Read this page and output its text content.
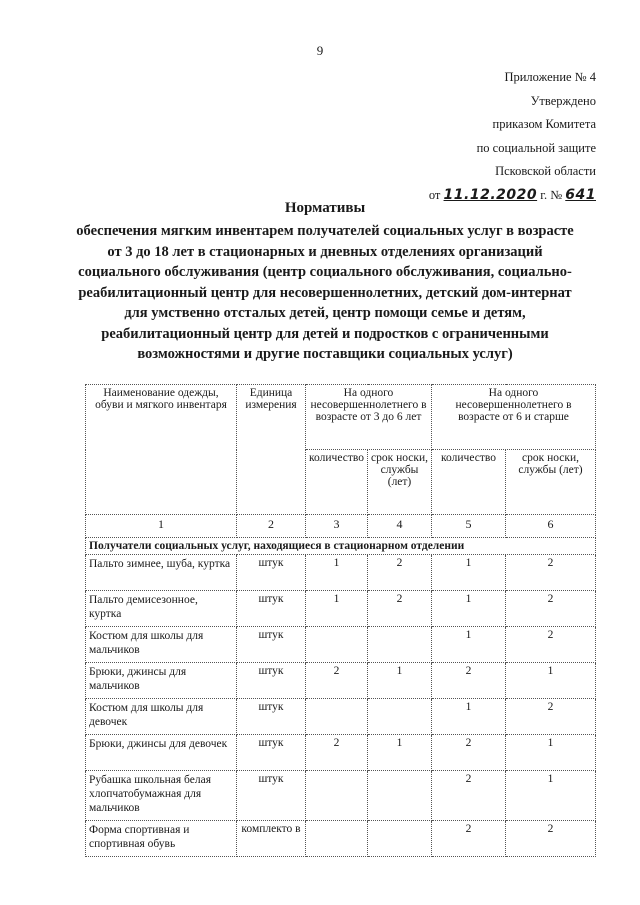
9
Приложение № 4
Утверждено
приказом Комитета
по социальной защите
Псковской области
от 11.12.2020 г. № 641
Нормативы
обеспечения мягким инвентарем получателей социальных услуг в возрасте от 3 до 18 лет в стационарных и дневных отделениях организаций социального обслуживания (центр социального обслуживания, социально-реабилитационный центр для несовершеннолетних, детский дом-интернат для умственно отсталых детей, центр помощи семье и детям, реабилитационный центр для детей и подростков с ограниченными возможностями и другие поставщики социальных услуг)
Наименование одежды, обуви и мягкого инвентаря	Единица измерения	На одного несовершеннолетнего в возрасте от 3 до 6 лет		На одного несовершеннолетнего в возрасте от 6 и старше	
		количество	срок носки, службы (лет)	количество	срок носки, службы (лет)
1	2	3	4	5	6
Получатели социальных услуг, находящиеся в стационарном отделении					
Пальто зимнее, шуба, куртка	штук	1	2	1	2
Пальто демисезонное, куртка	штук	1	2	1	2
Костюм для школы для мальчиков	штук			1	2
Брюки, джинсы для мальчиков	штук	2	1	2	1
Костюм для школы для девочек	штук			1	2
Брюки, джинсы для девочек	штук	2	1	2	1
Рубашка школьная белая хлопчатобумажная для мальчиков	штук			2	1
Форма спортивная и спортивная обувь	комплекто в			2	2
